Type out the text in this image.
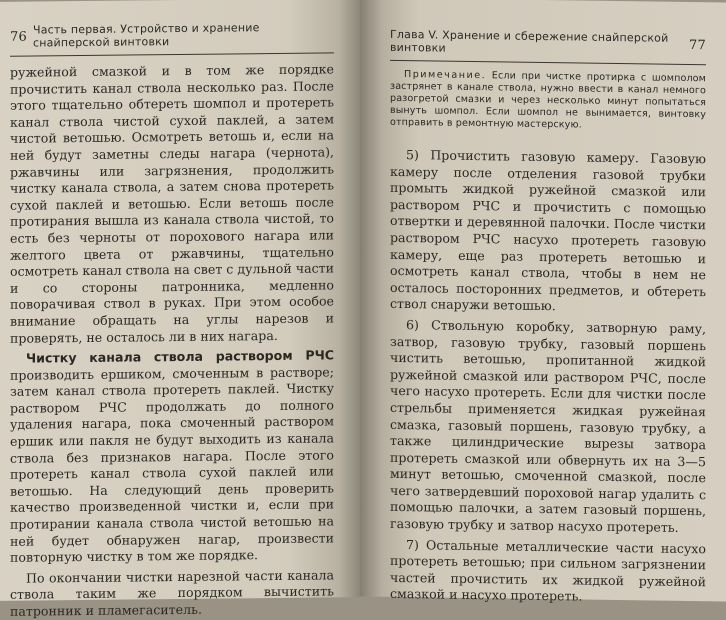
76
Часть первая. Устройство и хранение снайперской винтовки

ружейной смазкой и в том же порядке прочистить канал ствола несколько раз. После этого тщательно обтереть шомпол и протереть канал ствола чистой сухой паклей, а затем чистой ветошью. Осмотреть ветошь и, если на ней будут заметны следы нагара (чернота), ржавчины или загрязнения, продолжить чистку канала ствола, а затем снова протереть сухой паклей и ветошью. Если ветошь после протирания вышла из канала ствола чистой, то есть без черноты от порохового нагара или желтого цвета от ржавчины, тщательно осмотреть канал ствола на свет с дульной части и со стороны патронника, медленно поворачивая ствол в руках. При этом особое внимание обращать на углы нарезов и проверять, не осталось ли в них нагара.

Чистку канала ствола раствором РЧС производить ершиком, смоченным в растворе; затем канал ствола протереть паклей. Чистку раствором РЧС продолжать до полного удаления нагара, пока смоченный раствором ершик или пакля не будут выходить из канала ствола без признаков нагара. После этого протереть канал ствола сухой паклей или ветошью. На следующий день проверить качество произведенной чистки и, если при протирании канала ствола чистой ветошью на ней будет обнаружен нагар, произвести повторную чистку в том же порядке.

По окончании чистки нарезной части канала ствола таким же порядком вычистить патронник и пламегаситель.

Глава V. Хранение и сбережение снайперской винтовки	77

Примечание. Если при чистке протирка с шомполом застрянет в канале ствола, нужно ввести в канал немного разогретой смазки и через несколько минут попытаться вынуть шомпол. Если шомпол не вынимается, винтовку отправить в ремонтную мастерскую.

5) Прочистить газовую камеру. Газовую камеру после отделения газовой трубки промыть жидкой ружейной смазкой или раствором РЧС и прочистить с помощью отвертки и деревянной палочки. После чистки раствором РЧС насухо протереть газовую камеру, еще раз протереть ветошью и осмотреть канал ствола, чтобы в нем не осталось посторонних предметов, и обтереть ствол снаружи ветошью.

6) Ствольную коробку, затворную раму, затвор, газовую трубку, газовый поршень чистить ветошью, пропитанной жидкой ружейной смазкой или раствором РЧС, после чего насухо протереть. Если для чистки после стрельбы применяется жидкая ружейная смазка, газовый поршень, газовую трубку, а также цилиндрические вырезы затвора протереть смазкой или обвернуть их на 3—5 минут ветошью, смоченной смазкой, после чего затвердевший пороховой нагар удалить с помощью палочки, а затем газовый поршень, газовую трубку и затвор насухо протереть.

7) Остальные металлические части насухо протереть ветошью; при сильном загрязнении частей прочистить их жидкой ружейной смазкой и насухо протереть.
